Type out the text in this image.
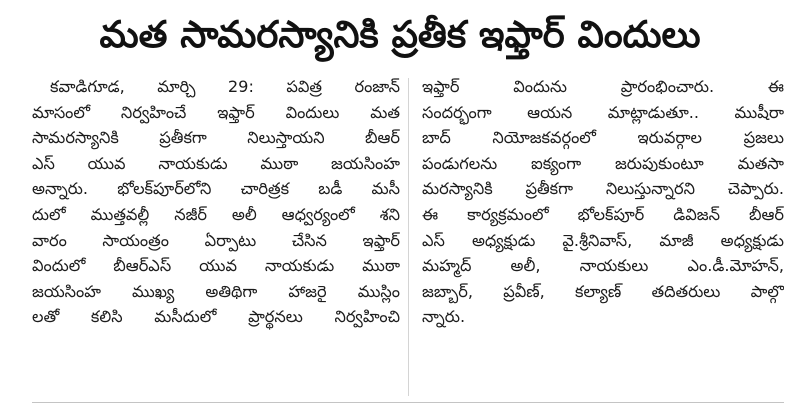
మత సామరస్యానికి ప్రతీక ఇఫ్తార్ విందులు
కవాడిగూడ, మార్చి 29: పవిత్ర రంజాన్
మాసంలో నిర్వహించే ఇఫ్తార్ విందులు మత
సామరస్యానికి ప్రతీకగా నిలుస్తాయని బీఆర్
ఎస్ యువ నాయకుడు ముఠా జయసింహ
అన్నారు. భోలక్‌పూర్‌లోని చారిత్రక బడీ మసీ
దులో ముత్తవల్లీ నజీర్ అలీ ఆధ్వర్యంలో శని
వారం సాయంత్రం ఏర్పాటు చేసిన ఇఫ్తార్
విందులో బీఆర్ఎస్ యువ నాయకుడు ముఠా
జయసింహ ముఖ్య అతిథిగా హాజరై ముస్లిం
లతో కలిసి మసీదులో ప్రార్థనలు నిర్వహించి
ఇఫ్తార్ విందును ప్రారంభించారు. ఈ
సందర్భంగా ఆయన మాట్లాడుతూ.. ముషీరా
బాద్ నియోజకవర్గంలో ఇరువర్గాల ప్రజలు
పండుగలను ఐక్యంగా జరుపుకుంటూ మతసా
మరస్యానికి ప్రతీకగా నిలుస్తున్నారని చెప్పారు.
ఈ కార్యక్రమంలో భోలక్‌పూర్ డివిజన్ బీఆర్
ఎస్ అధ్యక్షుడు వై.శ్రీనివాస్, మాజీ అధ్యక్షుడు
మహ్మద్ అలీ, నాయకులు ఎం.డీ.మోహన్,
జబ్బార్, ప్రవీణ్, కల్యాణ్ తదితరులు పాల్గొ
న్నారు.
